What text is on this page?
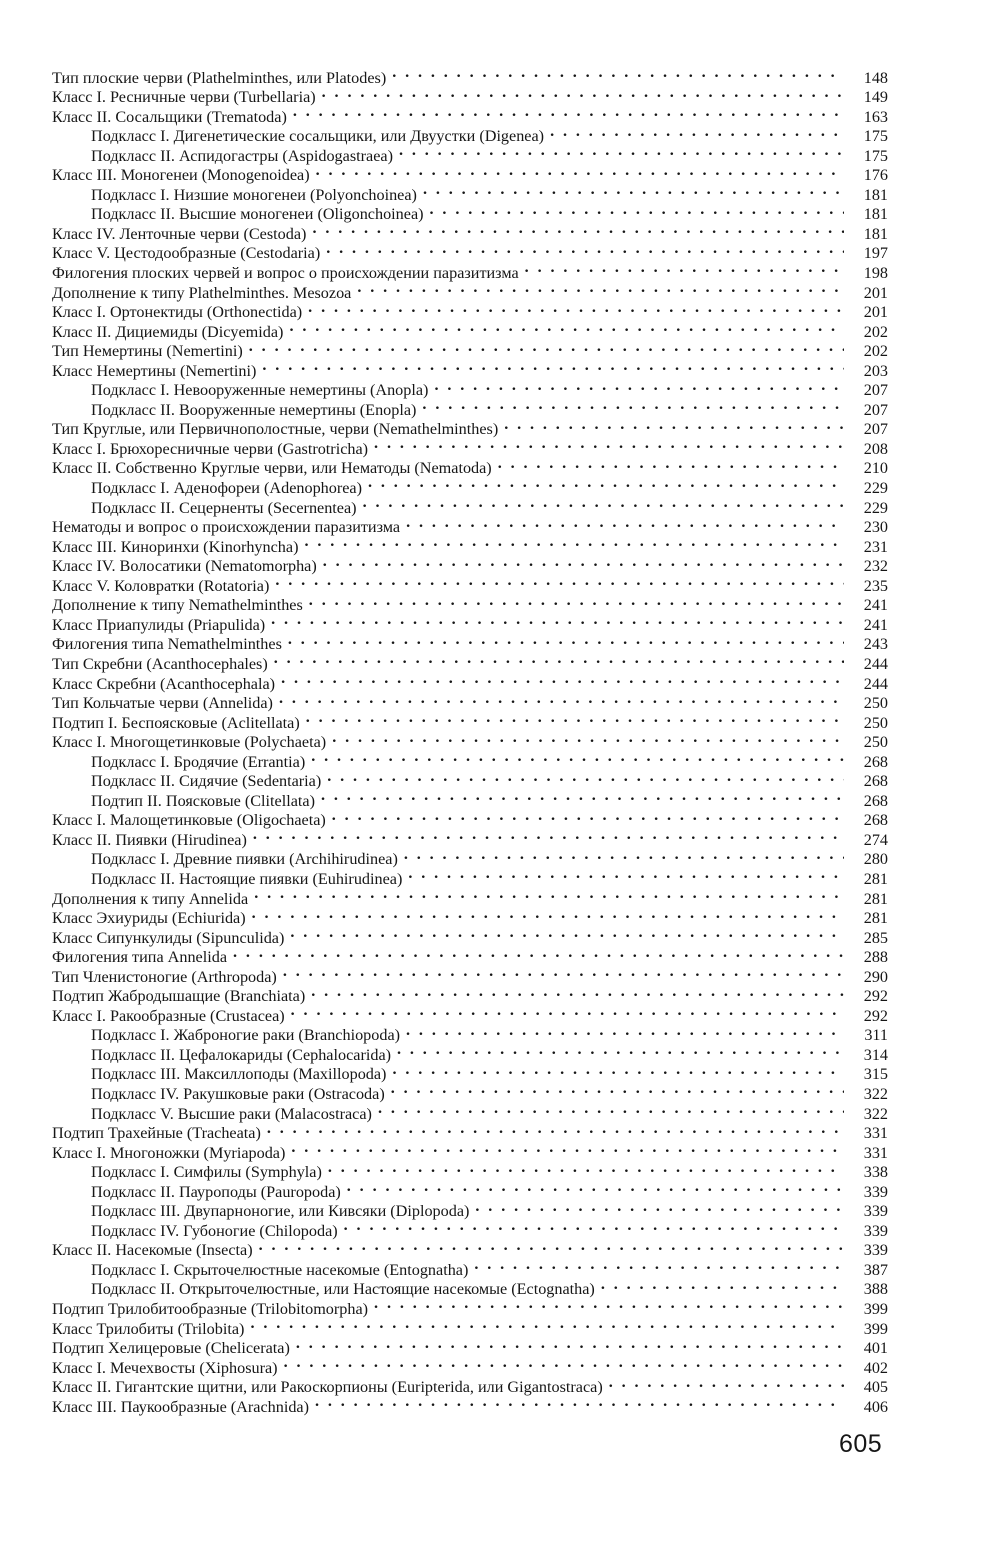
Тип плоские черви (Plathelminthes, или Platodes) . . .	148
Класс I. Ресничные черви (Turbellaria) . . .	149
Класс II. Сосальщики (Trematoda) . . .	163
Подкласс I. Дигенетические сосальщики, или Двуустки (Digenea) . . .	175
Подкласс II. Аспидогастры (Aspidogastraea) . . .	175
Класс III. Моногенеи (Monogenoidea) . . .	176
Подкласс I. Низшие моногенеи (Polyonchoinea) . . .	181
Подкласс II. Высшие моногенеи (Oligonchoinea) . . .	181
Класс IV. Ленточные черви (Cestoda) . . .	181
Класс V. Цестодообразные (Cestodaria) . . .	197
Филогения плоских червей и вопрос о происхождении паразитизма . . .	198
Дополнение к типу Plathelminthes. Mesozoa . . .	201
Класс I. Ортонектиды (Orthonectida) . . .	201
Класс II. Дициемиды (Dicyemida) . . .	202
Тип Немертины (Nemertini) . . .	202
Класс Немертины (Nemertini) . . .	203
Подкласс I. Невооруженные немертины (Anopla) . . .	207
Подкласс II. Вооруженные немертины (Enopla) . . .	207
Тип Круглые, или Первичнополостные, черви (Nemathelminthes) . . .	207
Класс I. Брюхоресничные черви (Gastrotricha) . . .	208
Класс II. Собственно Круглые черви, или Нематоды (Nematoda) . . .	210
Подкласс I. Аденофореи (Adenophorea) . . .	229
Подкласс II. Сецерненты (Secernentea) . . .	229
Нематоды и вопрос о происхождении паразитизма . . .	230
Класс III. Киноринхи (Kinorhyncha) . . .	231
Класс IV. Волосатики (Nematomorpha) . . .	232
Класс V. Коловратки (Rotatoria) . . .	235
Дополнение к типу Nemathelminthes . . .	241
Класс Приапулиды (Priapulida) . . .	241
Филогения типа Nemathelminthes . . .	243
Тип Скребни (Acanthocephales) . . .	244
Класс Скребни (Acanthocephala) . . .	244
Тип Кольчатые черви (Annelida) . . .	250
Подтип I. Беспоясковые (Aclitellata) . . .	250
Класс I. Многощетинковые (Polychaeta) . . .	250
Подкласс I. Бродячие (Errantia) . . .	268
Подкласс II. Сидячие (Sedentaria) . . .	268
Подтип II. Поясковые (Clitellata) . . .	268
Класс I. Малощетинковые (Oligochaeta) . . .	268
Класс II. Пиявки (Hirudinea) . . .	274
Подкласс I. Древние пиявки (Archihirudinea) . . .	280
Подкласс II. Настоящие пиявки (Euhirudinea) . . .	281
Дополнения к типу Annelida . . .	281
Класс Эхиуриды (Echiurida) . . .	281
Класс Сипункулиды (Sipunculida) . . .	285
Филогения типа Annelida . . .	288
Тип Членистоногие (Arthropoda) . . .	290
Подтип Жабродышащие (Branchiata) . . .	292
Класс I. Ракообразные (Crustacea) . . .	292
Подкласс I. Жаброногие раки (Branchiopoda) . . .	311
Подкласс II. Цефалокариды (Cephalocarida) . . .	314
Подкласс III. Максиллоподы (Maxillopoda) . . .	315
Подкласс IV. Ракушковые раки (Ostracoda) . . .	322
Подкласс V. Высшие раки (Malacostraca) . . .	322
Подтип Трахейные (Tracheata) . . .	331
Класс I. Многоножки (Myriapoda) . . .	331
Подкласс I. Симфилы (Symphyla) . . .	338
Подкласс II. Пауроподы (Pauropoda) . . .	339
Подкласс III. Двупарноногие, или Кивсяки (Diplopoda) . . .	339
Подкласс IV. Губоногие (Chilopoda) . . .	339
Класс II. Насекомые (Insecta) . . .	339
Подкласс I. Скрыточелюстные насекомые (Entognatha) . . .	387
Подкласс II. Открыточелюстные, или Настоящие насекомые (Ectognatha) . . .	388
Подтип Трилобитообразные (Trilobitomorpha) . . .	399
Класс Трилобиты (Trilobita) . . .	399
Подтип Хелицеровые (Chelicerata) . . .	401
Класс I. Мечехвосты (Xiphosura) . . .	402
Класс II. Гигантские щитни, или Ракоскорпионы (Euripterida, или Gigantostraca) . . .	405
Класс III. Паукообразные (Arachnida) . . .	406
605
